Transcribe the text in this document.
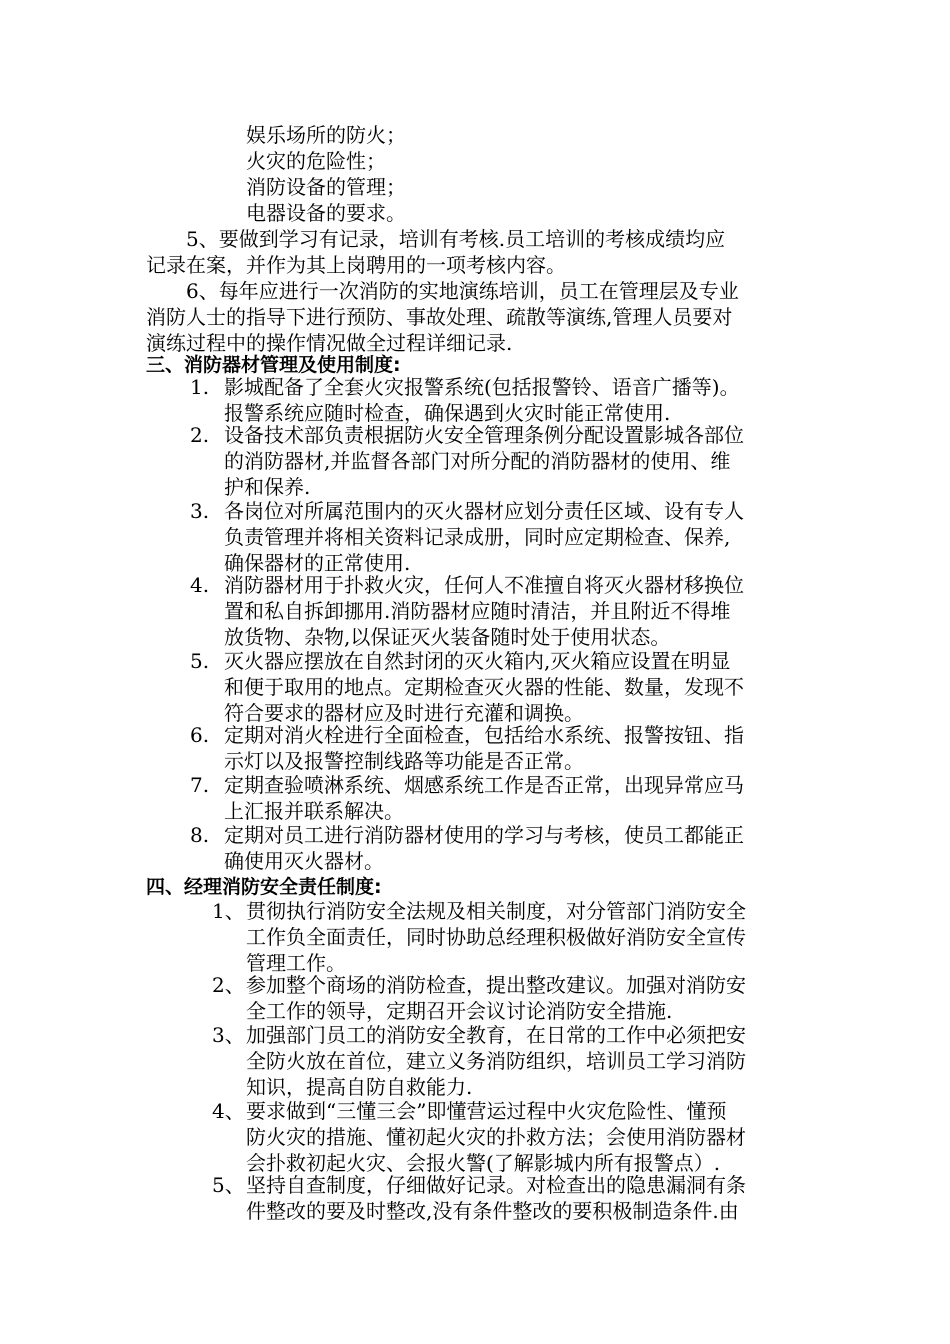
娱乐场所的防火；
火灾的危险性；
消防设备的管理；
电器设备的要求。
5、要做到学习有记录，培训有考核.员工培训的考核成绩均应
记录在案，并作为其上岗聘用的一项考核内容。
6、每年应进行一次消防的实地演练培训，员工在管理层及专业
消防人士的指导下进行预防、事故处理、疏散等演练,管理人员要对
演练过程中的操作情况做全过程详细记录.
三、消防器材管理及使用制度:
1. 影城配备了全套火灾报警系统(包括报警铃、语音广播等)。
报警系统应随时检查，确保遇到火灾时能正常使用.
2. 设备技术部负责根据防火安全管理条例分配设置影城各部位
的消防器材,并监督各部门对所分配的消防器材的使用、维
护和保养.
3. 各岗位对所属范围内的灭火器材应划分责任区域、设有专人
负责管理并将相关资料记录成册，同时应定期检查、保养,
确保器材的正常使用.
4. 消防器材用于扑救火灾，任何人不准擅自将灭火器材移换位
置和私自拆卸挪用.消防器材应随时清洁，并且附近不得堆
放货物、杂物,以保证灭火装备随时处于使用状态。
5. 灭火器应摆放在自然封闭的灭火箱内,灭火箱应设置在明显
和便于取用的地点。定期检查灭火器的性能、数量，发现不
符合要求的器材应及时进行充灌和调换。
6. 定期对消火栓进行全面检查，包括给水系统、报警按钮、指
示灯以及报警控制线路等功能是否正常。
7. 定期查验喷淋系统、烟感系统工作是否正常，出现异常应马
上汇报并联系解决。
8. 定期对员工进行消防器材使用的学习与考核，使员工都能正
确使用灭火器材。
四、经理消防安全责任制度:
1、 贯彻执行消防安全法规及相关制度，对分管部门消防安全
工作负全面责任，同时协助总经理积极做好消防安全宣传
管理工作。
2、 参加整个商场的消防检查，提出整改建议。加强对消防安
全工作的领导，定期召开会议讨论消防安全措施.
3、 加强部门员工的消防安全教育，在日常的工作中必须把安
全防火放在首位，建立义务消防组织，培训员工学习消防
知识，提高自防自救能力.
4、 要求做到“三懂三会”即懂营运过程中火灾危险性、懂预
防火灾的措施、懂初起火灾的扑救方法；会使用消防器材
会扑救初起火灾、会报火警(了解影城内所有报警点）.
5、 坚持自查制度，仔细做好记录。对检查出的隐患漏洞有条
件整改的要及时整改,没有条件整改的要积极制造条件.由
